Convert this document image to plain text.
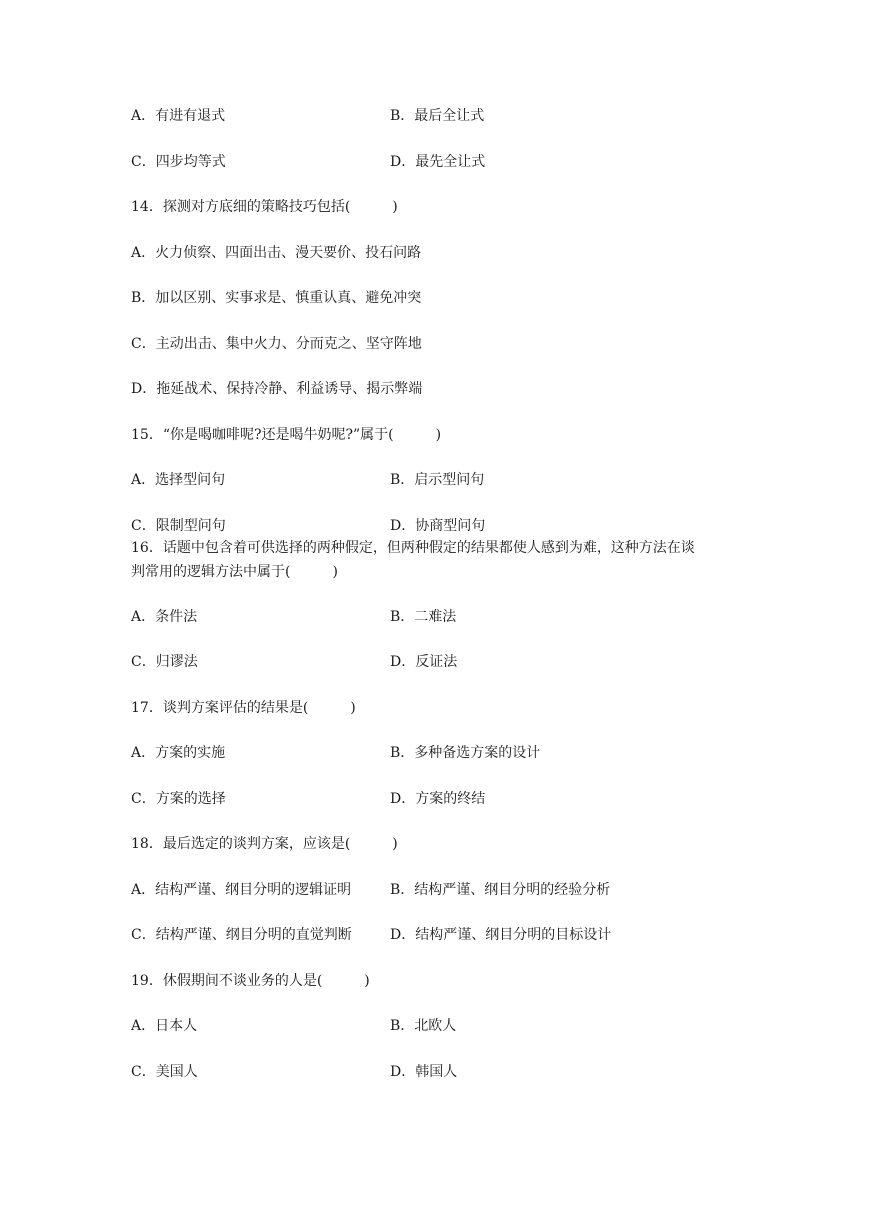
A．有进有退式	B．最后全让式
C．四步均等式	D．最先全让式
14．探测对方底细的策略技巧包括(　　　)
A．火力侦察、四面出击、漫天要价、投石问路
B．加以区别、实事求是、慎重认真、避免冲突
C．主动出击、集中火力、分而克之、坚守阵地
D．拖延战术、保持冷静、利益诱导、揭示弊端
15．“你是喝咖啡呢?还是喝牛奶呢?”属于(　　　)
A．选择型问句	B．启示型问句
C．限制型问句	D．协商型问句
16．话题中包含着可供选择的两种假定，但两种假定的结果都使人感到为难，这种方法在谈
判常用的逻辑方法中属于(　　　)
A．条件法	B．二难法
C．归谬法	D．反证法
17．谈判方案评估的结果是(　　　)
A．方案的实施	B．多种备选方案的设计
C．方案的选择	D．方案的终结
18．最后选定的谈判方案，应该是(　　　)
A．结构严谨、纲目分明的逻辑证明	B．结构严谨、纲目分明的经验分析
C．结构严谨、纲目分明的直觉判断	D．结构严谨、纲目分明的目标设计
19．休假期间不谈业务的人是(　　　)
A．日本人	B．北欧人
C．美国人	D．韩国人
